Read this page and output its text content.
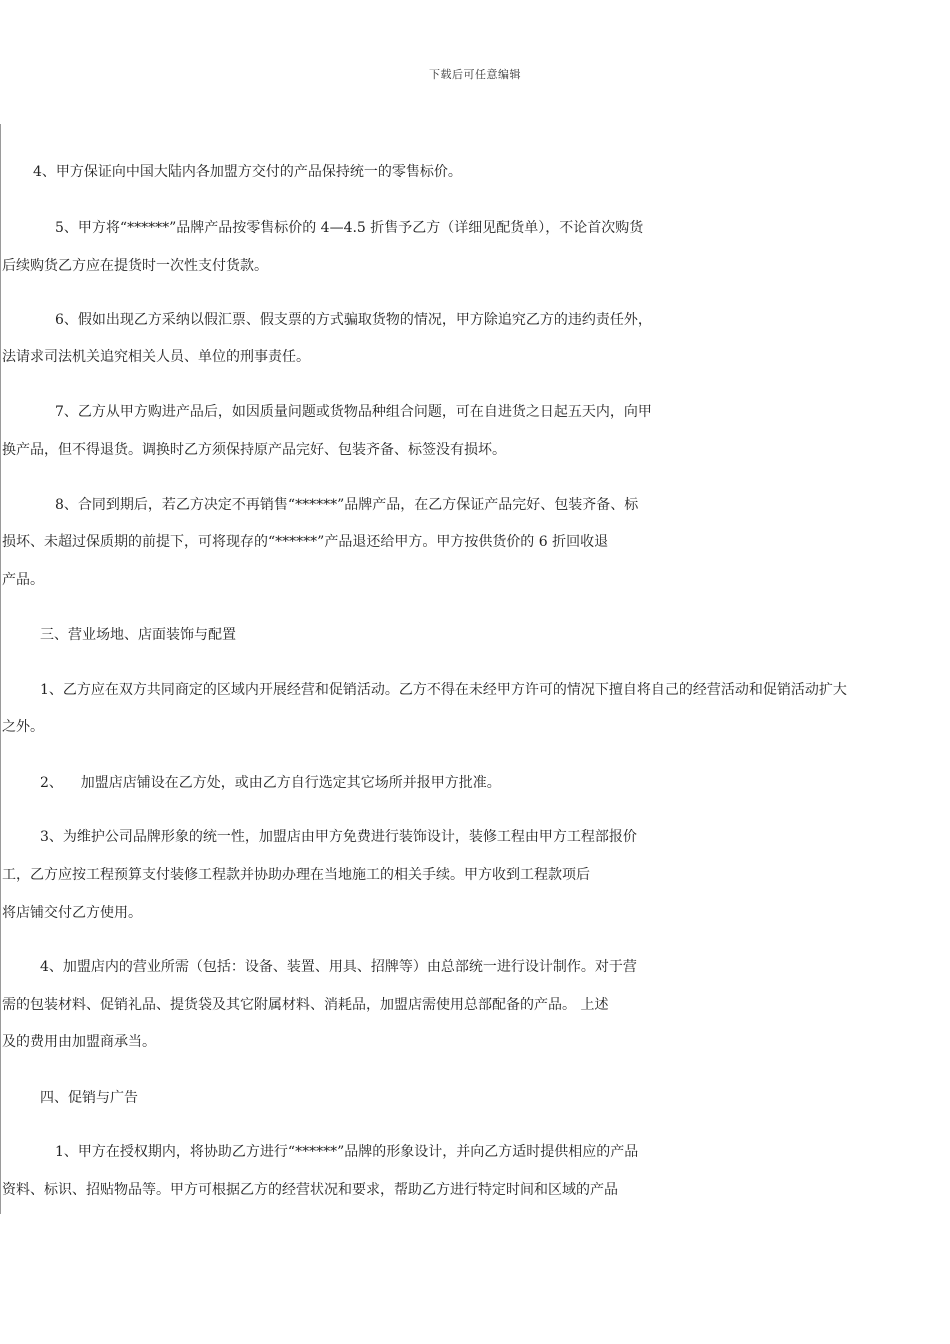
下载后可任意编辑
4、甲方保证向中国大陆内各加盟方交付的产品保持统一的零售标价。
5、甲方将“******”品牌产品按零售标价的 4—4.5 折售予乙方（详细见配货单），不论首次购货
后续购货乙方应在提货时一次性支付货款。
6、假如出现乙方采纳以假汇票、假支票的方式骗取货物的情况，甲方除追究乙方的违约责任外，
法请求司法机关追究相关人员、单位的刑事责任。
7、乙方从甲方购进产品后，如因质量问题或货物品种组合问题，可在自进货之日起五天内，向甲
换产品，但不得退货。调换时乙方须保持原产品完好、包装齐备、标签没有损坏。
8、合同到期后，若乙方决定不再销售“******”品牌产品，在乙方保证产品完好、包装齐备、标
损坏、未超过保质期的前提下，可将现存的“******”产品退还给甲方。甲方按供货价的 6 折回收退
产品。
三、营业场地、店面装饰与配置
1、乙方应在双方共同商定的区域内开展经营和促销活动。乙方不得在未经甲方许可的情况下擅自将自己的经营活动和促销活动扩大
之外。
2、    加盟店店铺设在乙方处，或由乙方自行选定其它场所并报甲方批准。
3、为维护公司品牌形象的统一性，加盟店由甲方免费进行装饰设计，装修工程由甲方工程部报价
工，乙方应按工程预算支付装修工程款并协助办理在当地施工的相关手续。甲方收到工程款项后
将店铺交付乙方使用。
4、加盟店内的营业所需（包括：设备、装置、用具、招牌等）由总部统一进行设计制作。对于营
需的包装材料、促销礼品、提货袋及其它附属材料、消耗品，加盟店需使用总部配备的产品。 上述
及的费用由加盟商承当。
四、促销与广告
1、甲方在授权期内，将协助乙方进行“******”品牌的形象设计，并向乙方适时提供相应的产品
资料、标识、招贴物品等。甲方可根据乙方的经营状况和要求，帮助乙方进行特定时间和区域的产品
